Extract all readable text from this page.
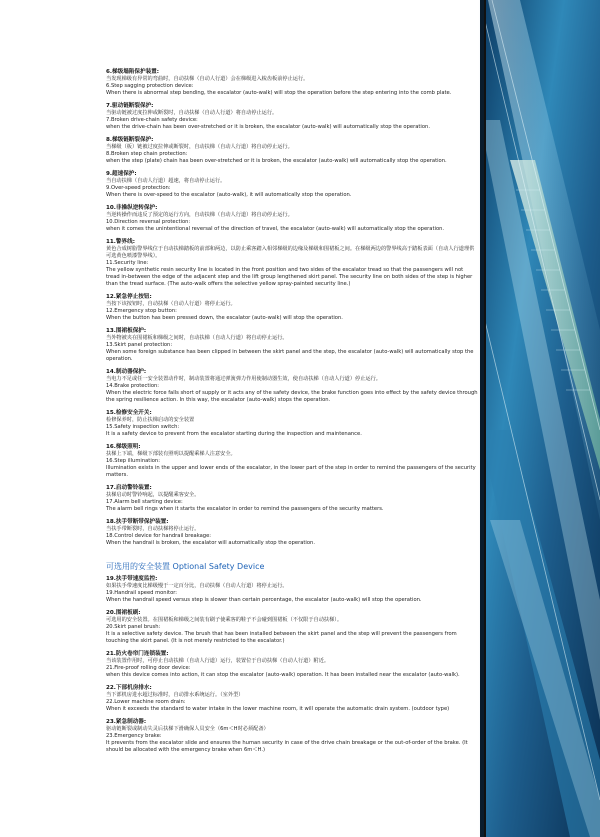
6.梯级塌陷保护装置:
当发现梯级有异常的弯曲时，自动扶梯（自动人行道）会在梯级进入梳齿板前停止运行。
6.Step sagging protection device:
When there is abnormal step bending, the escalator (auto-walk) will stop the operation before the step entering into the comb plate.
7.驱动链断裂保护:
当驱动链被过度拉伸或断裂时，自动扶梯（自动人行道）将自动停止运行。
7.Broken drive-chain safety device:
when the drive-chain has been over-stretched or it is broken, the escalator (auto-walk) will automatically stop the operation.
8.梯级链断裂保护:
当梯级（板）链被过度拉伸或断裂时，自动扶梯（自动人行道）将自动停止运行。
8.Broken step chain protection:
when the step (plate) chain has been over-stretched or it is broken, the escalator (auto-walk) will automatically stop the operation.
9.超速保护:
当自动扶梯（自动人行道）超速，将自动停止运行。
9.Over-speed protection:
When there is over-speed to the escalator (auto-walk), it will automatically stop the operation.
10.非操纵逆转保护:
当逆转操作而违反了预定的运行方向，自动扶梯（自动人行道）将自动停止运行。
10.Direction reversal protection:
when it comes the unintentional reversal of the direction of travel, the escalator (auto-walk) will automatically stop the operation.
11.警界线:
黄色合成树脂警界线位于自动扶梯踏板的前部和两边，以防止乘客踏入相邻梯级的边缘及梯级和围裙板之间。在梯级两边的警界线高于踏板表面（自动人行道理供可选黄色喷漆警界线）。
11.Security line:
The yellow synthetic resin security line is located in the front position and two sides of the escalator tread so that the passengers will not tread in-between the edge of the adjacent step and the lift group lengthened skirt panel. The security line on both sides of the step is higher than the tread surface. (The auto-walk offers the selective yellow spray-painted security line.)
12.紧急停止按钮:
当按下该按钮时，自动扶梯（自动人行道）将停止运行。
12.Emergency stop button:
When the button has been pressed down, the escalator (auto-walk) will stop the operation.
13.围裙板保护:
当外物被夹在围裙板和梯级之间时，自动扶梯（自动人行道）将自动停止运行。
13.Skirt panel protection:
When some foreign substance has been clipped in between the skirt panel and the step, the escalator (auto-walk) will automatically stop the operation.
14.制动器保护:
当电力不足或任一安全装置动作时，制动装置将通过弹簧弹力作用使制动器生效，使自动扶梯（自动人行道）停止运行。
14.Brake protection:
When the electric force falls short of supply or it acts any of the safety device, the brake function goes into effect by the safety device through the spring resilience action. In this way, the escalator (auto-walk) stops the operation.
15.检修安全开关:
检修保养时，防止扶梯启动的安全装置
15.Safety inspection switch:
It is a safety device to prevent from the escalator starting during the inspection and maintenance.
16.梯级照明:
扶梯上下端，梯级下部装有照明以提醒乘梯人注意安全。
16.Step illumination:
Illumination exists in the upper and lower ends of the escalator, in the lower part of the step in order to remind the passengers of the security matters.
17.启动警铃装置:
扶梯启动时警铃响起，以提醒乘客安全。
17.Alarm bell starting device:
The alarm bell rings when it starts the escalator in order to remind the passengers of the security matters.
18.扶手带断带保护装置:
当扶手带断裂时，自动扶梯将停止运行。
18.Control device for handrail breakage:
When the handrail is broken, the escalator will automatically stop the operation.
可选用的安全装置 Optional Safety Device
19.扶手带速度监控:
如果扶手带速度比梯级慢于一定百分比，自动扶梯（自动人行道）将停止运行。
19.Handrail speed monitor:
When the handrail speed versus step is slower than certain percentage, the escalator (auto-walk) will stop the operation.
20.围裙板刷:
可选用的安全装置。在围裙板和梯级之间装有刷子使乘客的鞋子不会碰到围裙板（不仅限于自动扶梯）。
20.Skirt panel brush:
It is a selective safety device. The brush that has been installed between the skirt panel and the step will prevent the passengers from touching the skirt panel. (It is not merely restricted to the escalator.)
21.防火卷帘门连锁装置:
当该装置作用时，可停止自动扶梯（自动人行道）运行，装置位于自动扶梯（自动人行道）附近。
21.Fire-proof rolling door device:
when this device comes into action, it can stop the escalator (auto-walk) operation. It has been installed near the escalator (auto-walk).
22.下部机房排水:
当下部机房进水超过标准时，自动排水系统运行。（室外型）
22.Lower machine room drain:
When it exceeds the standard to water intake in the lower machine room, it will operate the automatic drain system. (outdoor type)
23.紧急制动器:
驱动链断裂或制动失灵后扶梯下滑确保人员安全（6m＜H时必须配备）
23.Emergency brake:
It prevents from the escalator slide and ensures the human security in case of the drive chain breakage or the out-of-order of the brake. (It should be allocated with the emergency brake when 6m＜H.)
